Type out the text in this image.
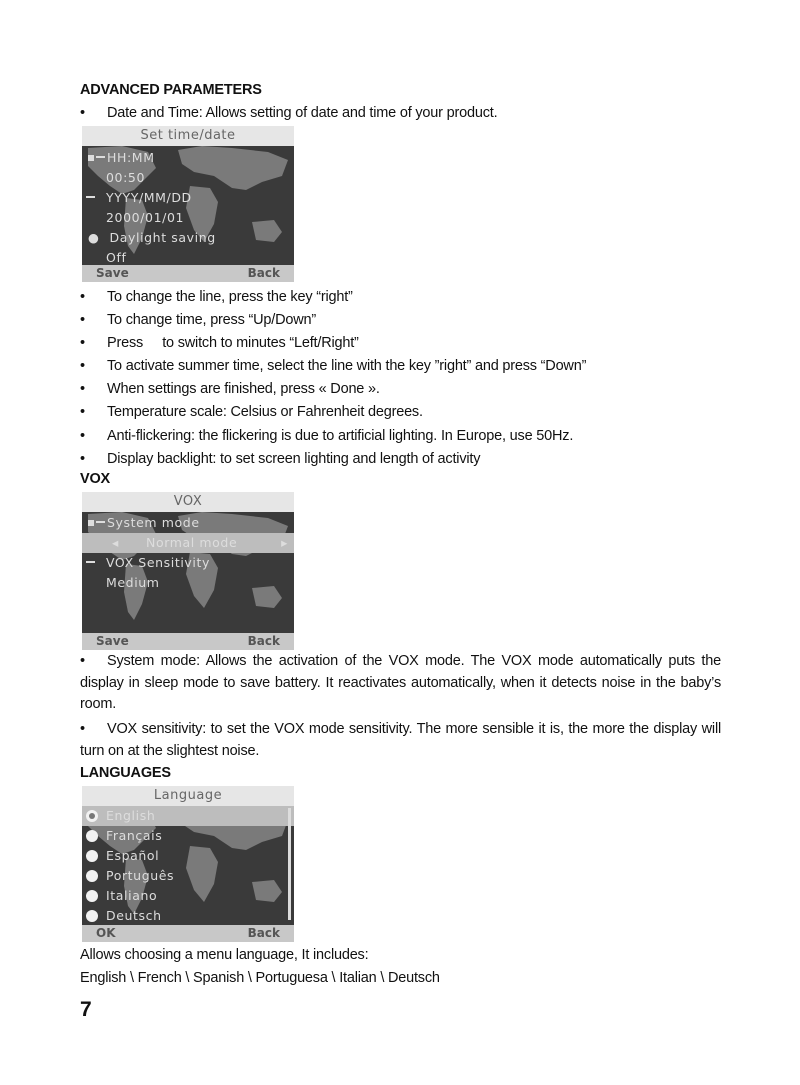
ADVANCED PARAMETERS
• Date and Time: Allows setting of date and time of your product.
Set time/date
HH:MM
00:50
YYYY/MM/DD
2000/01/01
● Daylight saving
Off
Save	Back
• To change the line, press the key “right”
• To change time, press “Up/Down”
• Press     to switch to minutes “Left/Right”
• To activate summer time, select the line with the key ”right” and press “Down”
• When settings are finished, press « Done ».
• Temperature scale: Celsius or Fahrenheit degrees.
• Anti-flickering: the flickering is due to artificial lighting. In Europe, use 50Hz.
• Display backlight: to set screen lighting and length of activity
VOX
VOX
System mode
◂ Normal mode	▸
VOX Sensitivity
Medium
Save	Back
• System mode: Allows the activation of the VOX mode. The VOX mode automatically puts the display in sleep mode to save battery. It reactivates automatically, when it detects noise in the baby’s room.
• VOX sensitivity: to set the VOX mode sensitivity. The more sensible it is, the more the display will turn on at the slightest noise.
LANGUAGES
Language
English
Français
Español
Português
Italiano
Deutsch
OK	Back
Allows choosing a menu language, It includes:
English \ French \ Spanish \ Portuguesa \ Italian \ Deutsch
7
